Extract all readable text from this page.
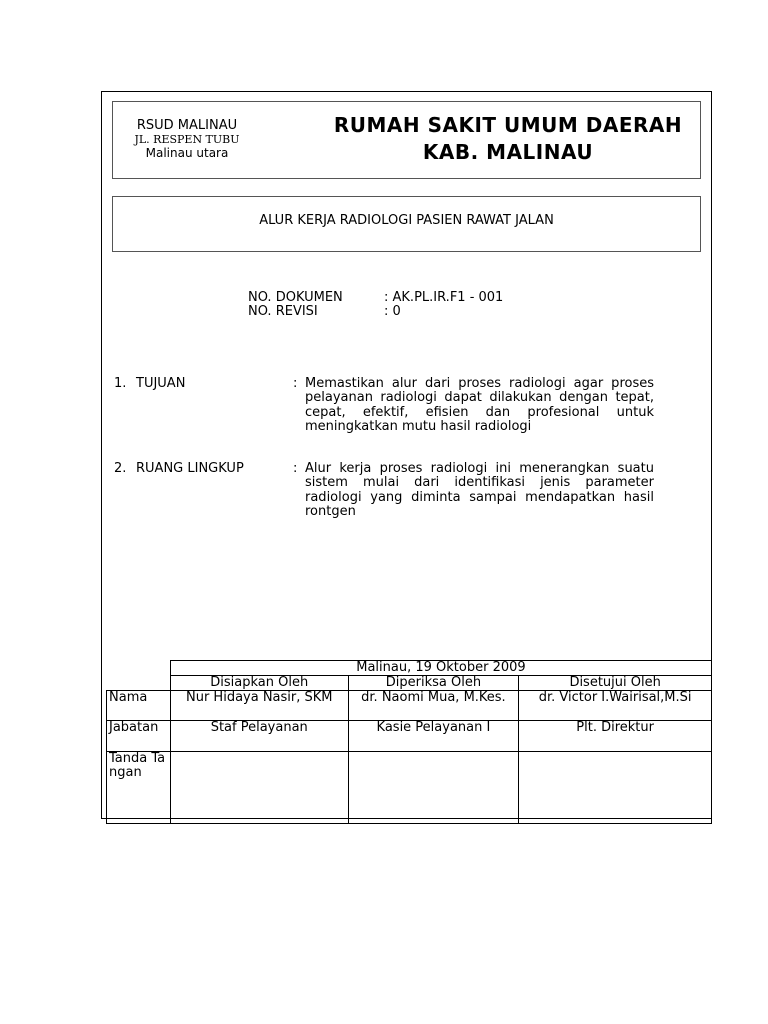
RSUD MALINAU
JL. RESPEN TUBU
Malinau utara
RUMAH SAKIT UMUM DAERAH
KAB. MALINAU
ALUR KERJA RADIOLOGI PASIEN RAWAT JALAN
NO. DOKUMEN	: AK.PL.IR.F1 - 001
NO. REVISI	: 0
1. TUJUAN	: Memastikan alur dari proses radiologi agar proses pelayanan radiologi dapat dilakukan dengan tepat, cepat, efektif, efisien dan profesional untuk meningkatkan mutu hasil radiologi
2. RUANG LINGKUP	: Alur kerja proses radiologi ini menerangkan suatu sistem mulai dari identifikasi jenis parameter radiologi yang diminta sampai mendapatkan hasil rontgen
	Malinau, 19 Oktober 2009		
	Disiapkan Oleh	Diperiksa Oleh	Disetujui Oleh
Nama	Nur Hidaya Nasir, SKM	dr. Naomi Mua, M.Kes.	dr. Victor I.Wairisal,M.Si
Jabatan	Staf Pelayanan	Kasie Pelayanan I	Plt. Direktur
Tanda Tangan			
